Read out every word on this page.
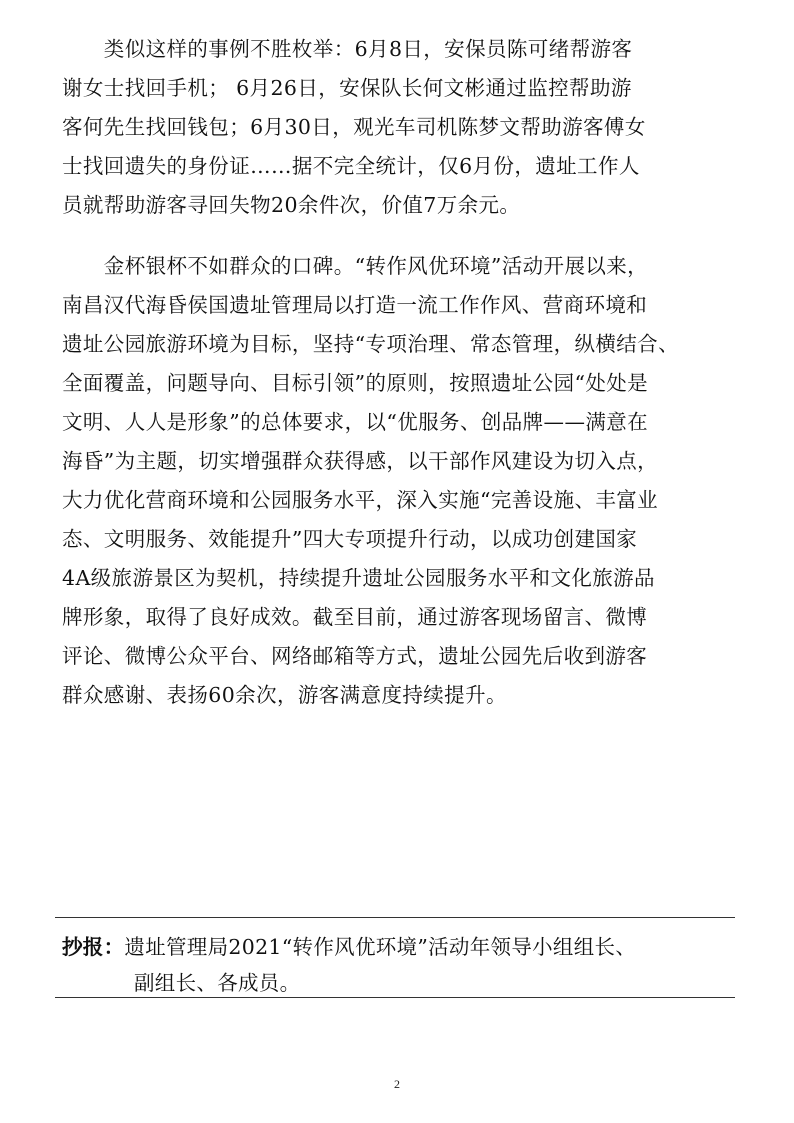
　　类似这样的事例不胜枚举：6月8日，安保员陈可绪帮游客
谢女士找回手机； 6月26日，安保队长何文彬通过监控帮助游
客何先生找回钱包；6月30日，观光车司机陈梦文帮助游客傅女
士找回遗失的身份证……据不完全统计，仅6月份，遗址工作人
员就帮助游客寻回失物20余件次，价值7万余元。
　　金杯银杯不如群众的口碑。“转作风优环境”活动开展以来，
南昌汉代海昏侯国遗址管理局以打造一流工作作风、营商环境和
遗址公园旅游环境为目标，坚持“专项治理、常态管理，纵横结合、
全面覆盖，问题导向、目标引领”的原则，按照遗址公园“处处是
文明、人人是形象”的总体要求，以“优服务、创品牌——满意在
海昏”为主题，切实增强群众获得感，以干部作风建设为切入点，
大力优化营商环境和公园服务水平，深入实施“完善设施、丰富业
态、文明服务、效能提升”四大专项提升行动，以成功创建国家
4A级旅游景区为契机，持续提升遗址公园服务水平和文化旅游品
牌形象，取得了良好成效。截至目前，通过游客现场留言、微博
评论、微博公众平台、网络邮箱等方式，遗址公园先后收到游客
群众感谢、表扬60余次，游客满意度持续提升。
抄报：遗址管理局2021“转作风优环境”活动年领导小组组长、
副组长、各成员。
2
